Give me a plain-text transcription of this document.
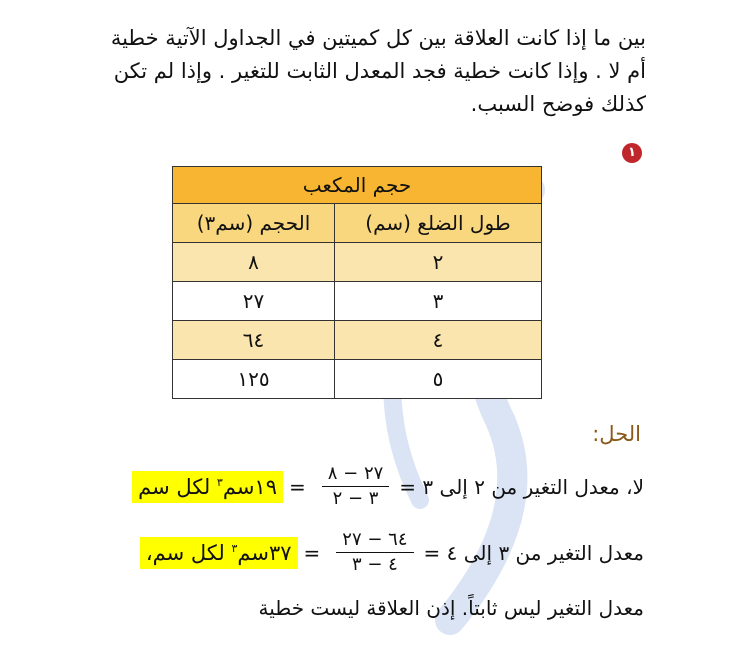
بين ما إذا كانت العلاقة بين كل كميتين في الجداول الآتية خطية أم لا . وإذا كانت خطية فجد المعدل الثابت للتغير . وإذا لم تكن كذلك فوضح السبب.
١
حجم المكعب	
طول الضلع (سم)	الحجم (سم٣)
٢	٨
٣	٢٧
٤	٦٤
٥	١٢٥
الحل:
لا، معدل التغير من ٢ إلى ٣ =
$\frac{٢٧ - ٨}{٣ - ٢}$
=
١٩سم$^٣$ لكل سم
معدل التغير من ٣ إلى ٤ =
$\frac{٦٤ - ٢٧}{٤ - ٣}$
=
٣٧سم$^٣$ لكل سم،
معدل التغير ليس ثابتاً. إذن العلاقة ليست خطية
